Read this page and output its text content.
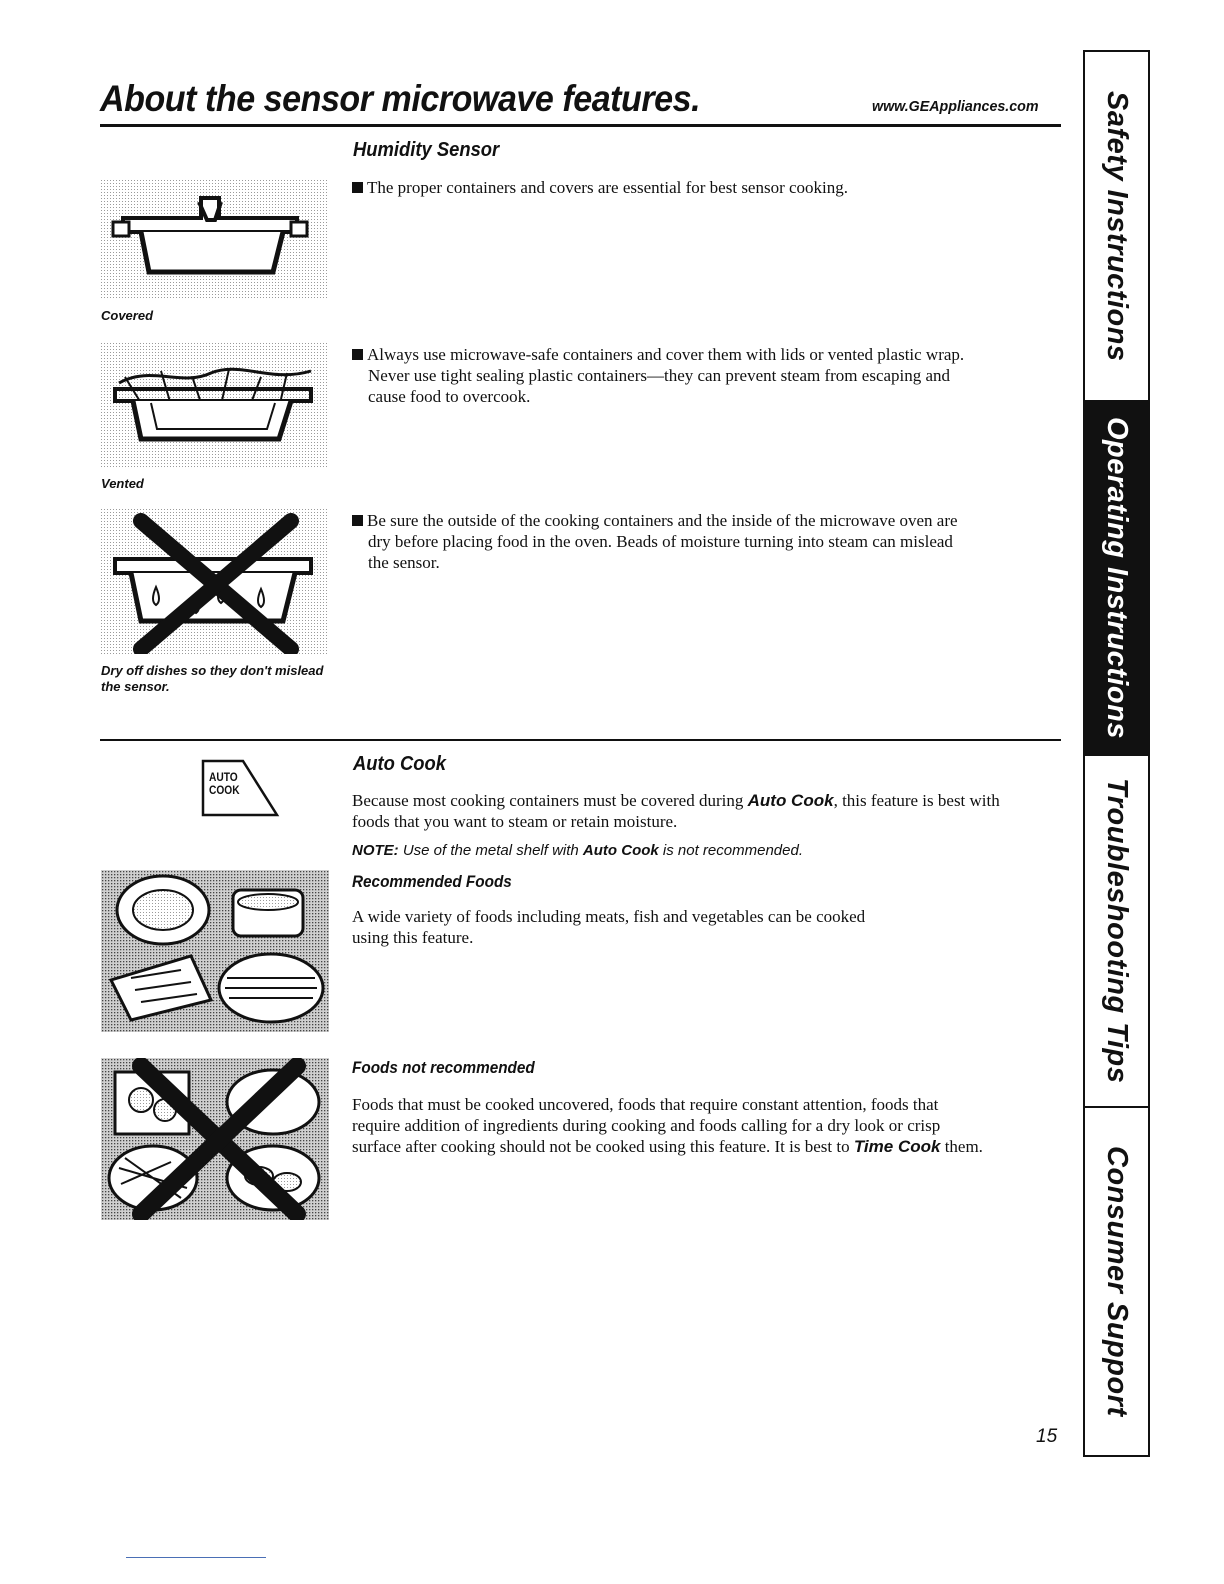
About the sensor microwave features.	www.GEAppliances.com
Humidity Sensor
The proper containers and covers are essential for best sensor cooking.
Always use microwave-safe containers and cover them with lids or vented plastic wrap.
Never use tight sealing plastic containers—they can prevent steam from escaping and
cause food to overcook.
Be sure the outside of the cooking containers and the inside of the microwave oven are
dry before placing food in the oven. Beads of moisture turning into steam can mislead
the sensor.
Covered
Vented
Dry off dishes so they don't mislead
the sensor.
AUTO
COOK
Auto Cook
Because most cooking containers must be covered during Auto Cook, this feature is best with
foods that you want to steam or retain moisture.
NOTE: Use of the metal shelf with Auto Cook is not recommended.
Recommended Foods
A wide variety of foods including meats, fish and vegetables can be cooked
using this feature.
Foods not recommended
Foods that must be cooked uncovered, foods that require constant attention, foods that
require addition of ingredients during cooking and foods calling for a dry look or crisp
surface after cooking should not be cooked using this feature. It is best to Time Cook them.
Safety Instructions
Operating Instructions
Troubleshooting Tips
Consumer Support
15
